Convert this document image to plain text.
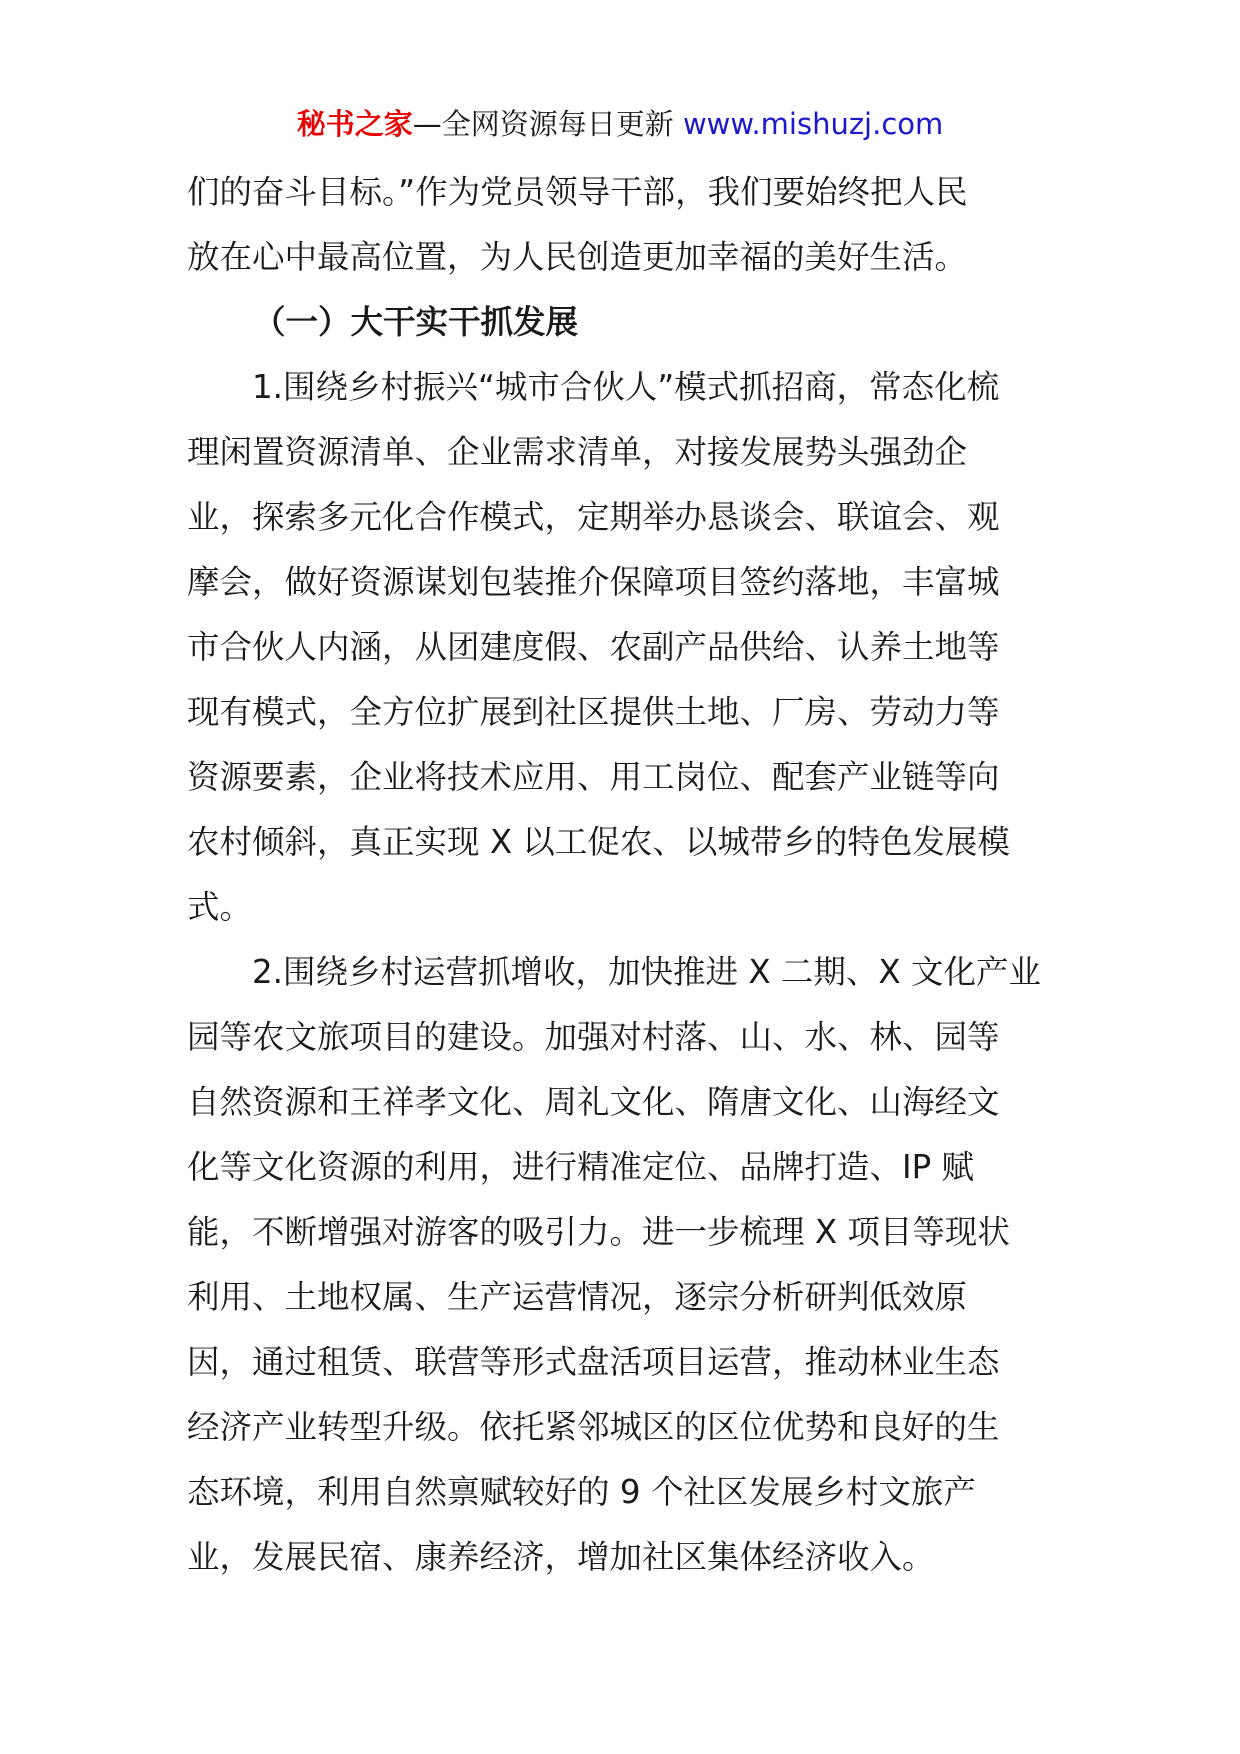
秘书之家—全网资源每日更新 www.mishuzj.com
们的奋斗目标。”作为党员领导干部，我们要始终把人民
放在心中最高位置，为人民创造更加幸福的美好生活。
（一）大干实干抓发展
　　1.围绕乡村振兴“城市合伙人”模式抓招商，常态化梳
理闲置资源清单、企业需求清单，对接发展势头强劲企
业，探索多元化合作模式，定期举办恳谈会、联谊会、观
摩会，做好资源谋划包装推介保障项目签约落地，丰富城
市合伙人内涵，从团建度假、农副产品供给、认养土地等
现有模式，全方位扩展到社区提供土地、厂房、劳动力等
资源要素，企业将技术应用、用工岗位、配套产业链等向
农村倾斜，真正实现 X 以工促农、以城带乡的特色发展模
式。
　　2.围绕乡村运营抓增收，加快推进 X 二期、X 文化产业
园等农文旅项目的建设。加强对村落、山、水、林、园等
自然资源和王祥孝文化、周礼文化、隋唐文化、山海经文
化等文化资源的利用，进行精准定位、品牌打造、IP 赋
能，不断增强对游客的吸引力。进一步梳理 X 项目等现状
利用、土地权属、生产运营情况，逐宗分析研判低效原
因，通过租赁、联营等形式盘活项目运营，推动林业生态
经济产业转型升级。依托紧邻城区的区位优势和良好的生
态环境，利用自然禀赋较好的 9 个社区发展乡村文旅产
业，发展民宿、康养经济，增加社区集体经济收入。
